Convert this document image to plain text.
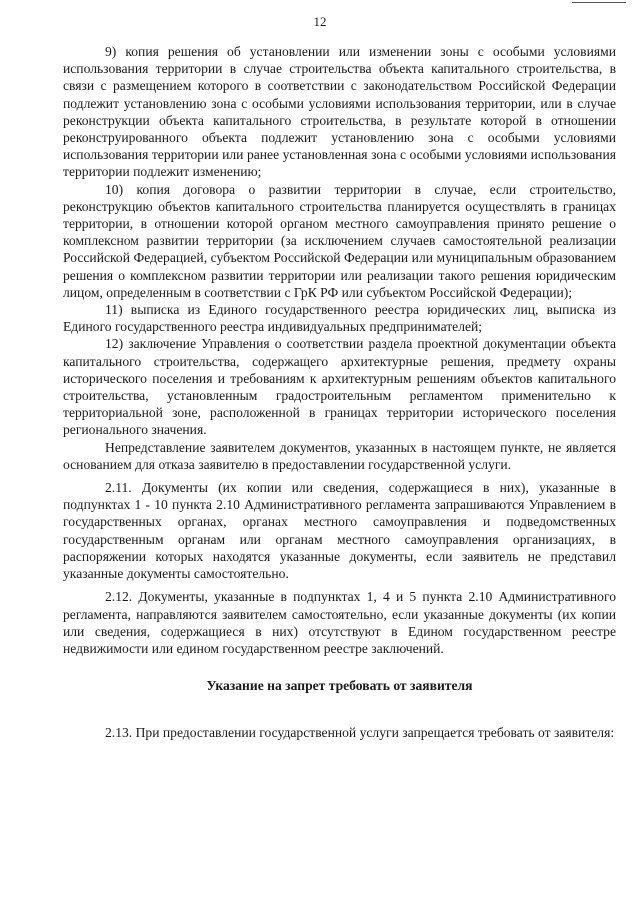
12

9) копия решения об установлении или изменении зоны с особыми условиями использования территории в случае строительства объекта капитального строительства, в связи с размещением которого в соответствии с законодательством Российской Федерации подлежит установлению зона с особыми условиями использования территории, или в случае реконструкции объекта капитального строительства, в результате которой в отношении реконструированного объекта подлежит установлению зона с особыми условиями использования территории или ранее установленная зона с особыми условиями использования территории подлежит изменению;

10) копия договора о развитии территории в случае, если строительство, реконструкцию объектов капитального строительства планируется осуществлять в границах территории, в отношении которой органом местного самоуправления принято решение о комплексном развитии территории (за исключением случаев самостоятельной реализации Российской Федерацией, субъектом Российской Федерации или муниципальным образованием решения о комплексном развитии территории или реализации такого решения юридическим лицом, определенным в соответствии с ГрК РФ или субъектом Российской Федерации);

11) выписка из Единого государственного реестра юридических лиц, выписка из Единого государственного реестра индивидуальных предпринимателей;

12) заключение Управления о соответствии раздела проектной документации объекта капитального строительства, содержащего архитектурные решения, предмету охраны исторического поселения и требованиям к архитектурным решениям объектов капитального строительства, установленным градостроительным регламентом применительно к территориальной зоне, расположенной в границах территории исторического поселения регионального значения.

Непредставление заявителем документов, указанных в настоящем пункте, не является основанием для отказа заявителю в предоставлении государственной услуги.

2.11. Документы (их копии или сведения, содержащиеся в них), указанные в подпунктах 1 - 10 пункта 2.10 Административного регламента запрашиваются Управлением в государственных органах, органах местного самоуправления и подведомственных государственным органам или органам местного самоуправления организациях, в распоряжении которых находятся указанные документы, если заявитель не представил указанные документы самостоятельно.

2.12. Документы, указанные в подпунктах 1, 4 и 5 пункта 2.10 Административного регламента, направляются заявителем самостоятельно, если указанные документы (их копии или сведения, содержащиеся в них) отсутствуют в Едином государственном реестре недвижимости или едином государственном реестре заключений.

Указание на запрет требовать от заявителя

2.13. При предоставлении государственной услуги запрещается требовать от заявителя:
